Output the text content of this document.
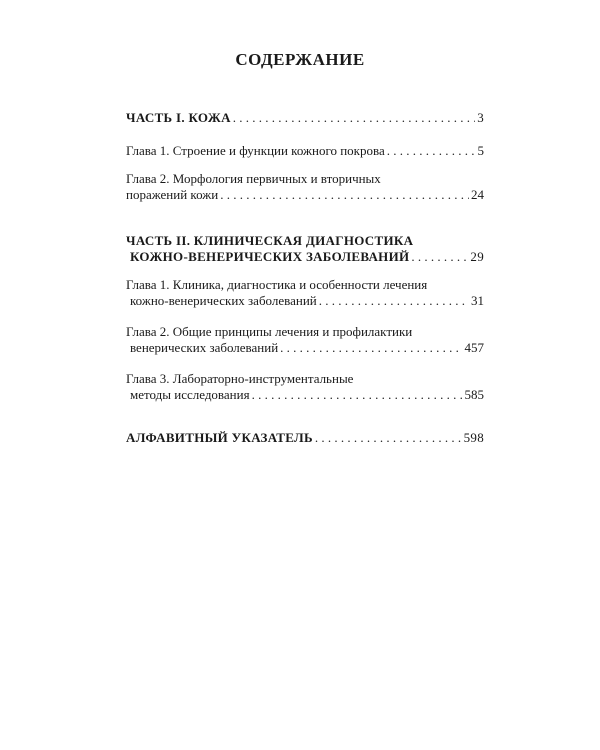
СОДЕРЖАНИЕ
ЧАСТЬ I. КОЖА . . .	3
Глава 1. Строение и функции кожного покрова . . .	5
Глава 2. Морфология первичных и вторичных
поражений кожи . . .	24
ЧАСТЬ II. КЛИНИЧЕСКАЯ ДИАГНОСТИКА
КОЖНО-ВЕНЕРИЧЕСКИХ ЗАБОЛЕВАНИЙ . . .	29
Глава 1. Клиника, диагностика и особенности лечения
кожно-венерических заболеваний . . .	31
Глава 2. Общие принципы лечения и профилактики
венерических заболеваний . . .	457
Глава 3. Лабораторно-инструментальные
методы исследования . . .	585
АЛФАВИТНЫЙ УКАЗАТЕЛЬ . . .	598
